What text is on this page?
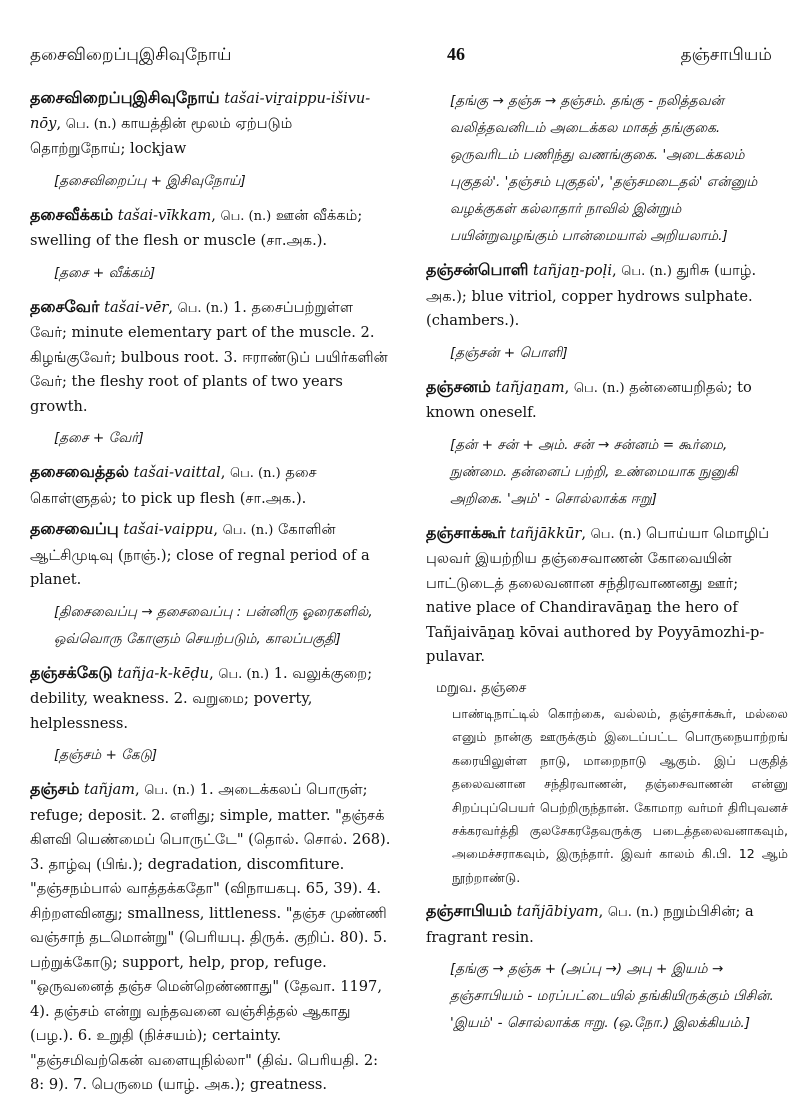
தசைவிறைப்புஇசிவுநோய்	46	தஞ்சாபியம்

தசைவிறைப்புஇசிவுநோய் tašai-viṟaippu-išivu-nōy, பெ. (n.) காயத்தின் மூலம் ஏற்படும் தொற்றுநோய்; lockjaw

[தசைவிறைப்பு + இசிவுநோய்]

தசைவீக்கம் tašai-vīkkam, பெ. (n.) ஊன் வீக்கம்; swelling of the flesh or muscle (சா.அக.).

[தசை + வீக்கம்]

தசைவேர் tašai-vēr, பெ. (n.) 1. தசைப்பற்றுள்ள வேர்; minute elementary part of the muscle. 2. கிழங்குவேர்; bulbous root. 3. ஈராண்டுப் பயிர்களின் வேர்; the fleshy root of plants of two years growth.

[தசை + வேர்]

தசைவைத்தல் tašai-vaittal, பெ. (n.) தசை கொள்ளுதல்; to pick up flesh (சா.அக.).

தசைவைப்பு tašai-vaippu, பெ. (n.) கோளின் ஆட்சிமுடிவு (நாஞ்.); close of regnal period of a planet.

[திசைவைப்பு → தசைவைப்பு : பன்னிரு ஓரைகளில், ஒவ்வொரு கோளும் செயற்படும், காலப்பகுதி]

தஞ்சக்கேடு tañja-k-kēḍu, பெ. (n.) 1. வலுக்குறை; debility, weakness. 2. வறுமை; poverty, helplessness.

[தஞ்சம் + கேடு]

தஞ்சம் tañjam, பெ. (n.) 1. அடைக்கலப் பொருள்; refuge; deposit. 2. எளிது; simple, matter. "தஞ்சக் கிளவி யெண்மைப் பொருட்டே" (தொல். சொல். 268). 3. தாழ்வு (பிங்.); degradation, discomfiture. "தஞ்சநம்பால் வாத்தக்கதோ" (விநாயகபு. 65, 39). 4. சிற்றளவினது; smallness, littleness. "தஞ்ச முண்ணி வஞ்சாந் தடமொன்று" (பெரியபு. திருக். குறிப். 80). 5. பற்றுக்கோடு; support, help, prop, refuge. "ஒருவனைத் தஞ்ச மென்றெண்ணாது" (தேவா. 1197, 4). தஞ்சம் என்று வந்தவனை வஞ்சித்தல் ஆகாது (பழ.). 6. உறுதி (நிச்சயம்); certainty. "தஞ்சமிவற்கென் வளையுநில்லா" (திவ். பெரியதி. 2: 8: 9). 7. பெருமை (யாழ். அக.); greatness.

[தங்கு → தஞ்சு → தஞ்சம். தங்கு - நலித்தவன் வலித்தவனிடம் அடைக்கல மாகத் தங்குகை. ஒருவரிடம் பணிந்து வணங்குகை. 'அடைக்கலம் புகுதல்'. 'தஞ்சம் புகுதல்', 'தஞ்சமடைதல்' என்னும் வழக்குகள் கல்லாதார் நாவில் இன்றும் பயின்றுவழங்கும் பான்மையால் அறியலாம்.]

தஞ்சன்பொளி tañjaṉ-poḷi, பெ. (n.) துரிசு (யாழ். அக.); blue vitriol, copper hydrows sulphate. (chambers.).

[தஞ்சன் + பொளி]

தஞ்சனம் tañjaṉam, பெ. (n.) தன்னையறிதல்; to known oneself.

[தன் + சன் + அம். சன் → சன்னம் = கூர்மை, நுண்மை. தன்னைப் பற்றி, உண்மையாக நுனுகி அறிகை. 'அம்' - சொல்லாக்க ஈறு]

தஞ்சாக்கூர் tañjākkūr, பெ. (n.) பொய்யா மொழிப் புலவர் இயற்றிய தஞ்சைவாணன் கோவையின் பாட்டுடைத் தலைவனான சந்திரவாணனது ஊர்; native place of Chandiravāṉaṉ the hero of Tañjaivāṉaṉ kōvai authored by Poyyāmozhi-p-pulavar.

மறுவ. தஞ்சை

பாண்டிநாட்டில் கொற்கை, வல்லம், தஞ்சாக்கூர், மல்லை எனும் நான்கு ஊருக்கும் இடைப்பட்ட பொருநையாற்றங் கரையிலுள்ள நாடு, மாறைநாடு ஆகும். இப் பகுதித் தலைவனான சந்திரவாணன், தஞ்சைவாணன் என்னு சிறப்புப்பெயர் பெற்றிருந்தான். கோமாற வர்மர் திரிபுவனச் சக்கரவர்த்தி குலசேகரதேவருக்கு படைத்தலைவனாகவும், அமைச்சராகவும், இருந்தார். இவர் காலம் கி.பி. 12 ஆம் நூற்றாண்டு.

தஞ்சாபியம் tañjābiyam, பெ. (n.) நறும்பிசின்; a fragrant resin.

[தங்கு → தஞ்சு + (அப்பு →) அபு + இயம் → தஞ்சாபியம் - மரப்பட்டையில் தங்கியிருக்கும் பிசின். 'இயம்' - சொல்லாக்க ஈறு. (ஒ.நோ.) இலக்கியம்.]
